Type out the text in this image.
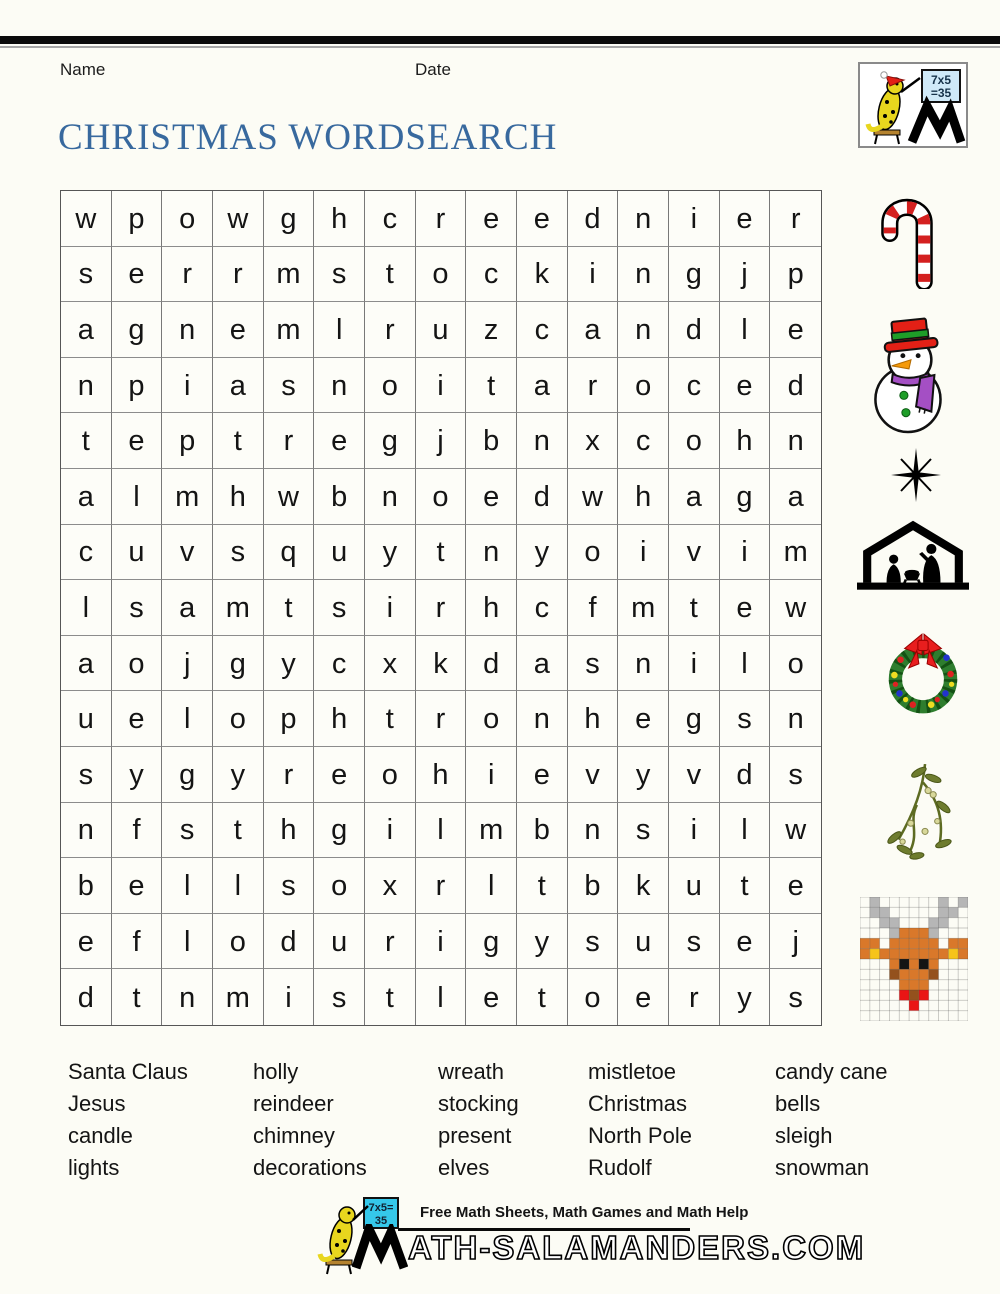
Name	Date
7x5
=35
CHRISTMAS WORDSEARCH
w	p	o	w	g	h	c	r	e	e	d	n	i	e	r
s	e	r	r	m	s	t	o	c	k	i	n	g	j	p
a	g	n	e	m	l	r	u	z	c	a	n	d	l	e
n	p	i	a	s	n	o	i	t	a	r	o	c	e	d
t	e	p	t	r	e	g	j	b	n	x	c	o	h	n
a	l	m	h	w	b	n	o	e	d	w	h	a	g	a
c	u	v	s	q	u	y	t	n	y	o	i	v	i	m
l	s	a	m	t	s	i	r	h	c	f	m	t	e	w
a	o	j	g	y	c	x	k	d	a	s	n	i	l	o
u	e	l	o	p	h	t	r	o	n	h	e	g	s	n
s	y	g	y	r	e	o	h	i	e	v	y	v	d	s
n	f	s	t	h	g	i	l	m	b	n	s	i	l	w
b	e	l	l	s	o	x	r	l	t	b	k	u	t	e
e	f	l	o	d	u	r	i	g	y	s	u	s	e	j
d	t	n	m	i	s	t	l	e	t	o	e	r	y	s
Santa Claus
Jesus
candle
lights
holly
reindeer
chimney
decorations
wreath
stocking
present
elves
mistletoe
Christmas
North Pole
Rudolf
candy cane
bells
sleigh
snowman
7x5=
35 Free Math Sheets, Math Games and Math Help
ATH-SALAMANDERS.COM
